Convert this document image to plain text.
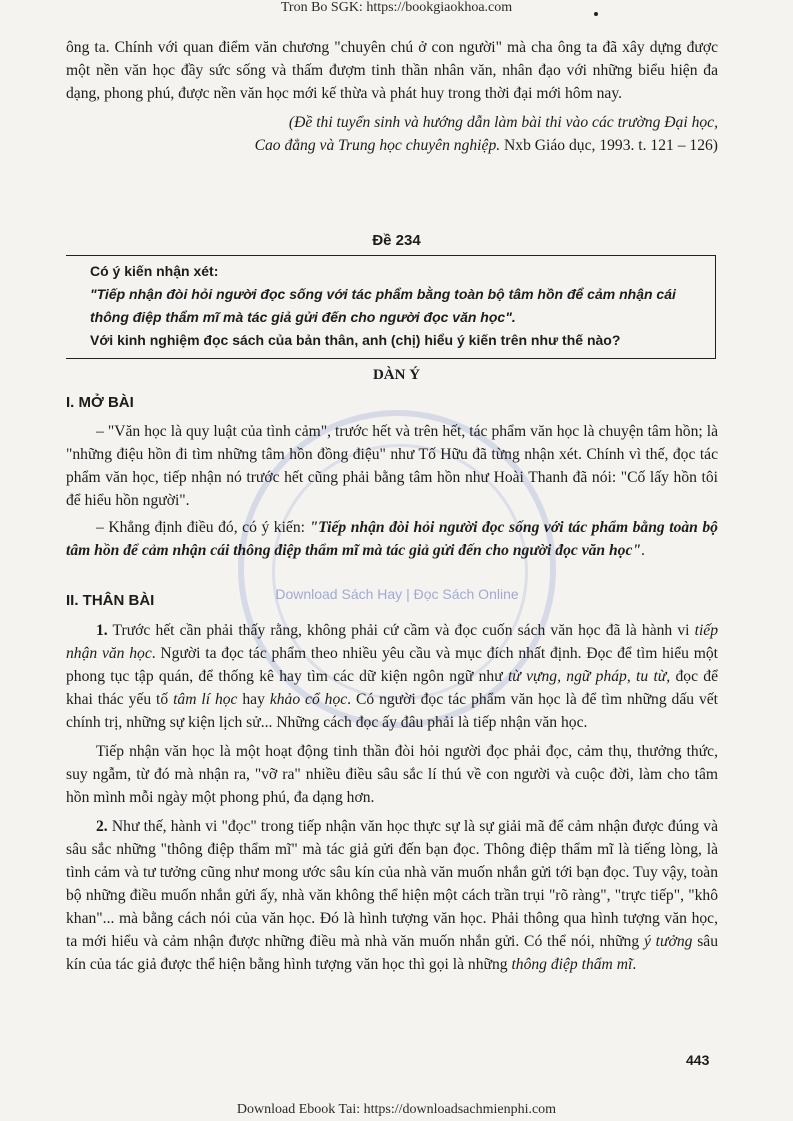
Tron Bo SGK: https://bookgiaokhoa.com

ông ta. Chính với quan điểm văn chương "chuyên chú ở con người" mà cha ông ta đã xây dựng được một nền văn học đầy sức sống và thấm đượm tinh thần nhân văn, nhân đạo với những biểu hiện đa dạng, phong phú, được nền văn học mới kế thừa và phát huy trong thời đại mới hôm nay.

(Đề thi tuyển sinh và hướng dẫn làm bài thi vào các trường Đại học,

Cao đẳng và Trung học chuyên nghiệp. Nxb Giáo dục, 1993. t. 121 – 126)

Đề 234

Có ý kiến nhận xét:

"Tiếp nhận đòi hỏi người đọc sống với tác phẩm bằng toàn bộ tâm hồn để cảm nhận cái thông điệp thẩm mĩ mà tác giả gửi đến cho người đọc văn học".

Với kinh nghiệm đọc sách của bản thân, anh (chị) hiểu ý kiến trên như thế nào?

DÀN Ý
Download Sách Hay | Đọc Sách Online
I. MỞ BÀI

– "Văn học là quy luật của tình cảm", trước hết và trên hết, tác phẩm văn học là chuyện tâm hồn; là "những điệu hồn đi tìm những tâm hồn đồng điệu" như Tố Hữu đã từng nhận xét. Chính vì thế, đọc tác phẩm văn học, tiếp nhận nó trước hết cũng phải bằng tâm hồn như Hoài Thanh đã nói: "Cố lấy hồn tôi để hiểu hồn người".

– Khẳng định điều đó, có ý kiến: "Tiếp nhận đòi hỏi người đọc sống với tác phẩm bằng toàn bộ tâm hồn để cảm nhận cái thông điệp thẩm mĩ mà tác giả gửi đến cho người đọc văn học".

II. THÂN BÀI

1. Trước hết cần phải thấy rằng, không phải cứ cầm và đọc cuốn sách văn học đã là hành vi tiếp nhận văn học. Người ta đọc tác phẩm theo nhiều yêu cầu và mục đích nhất định. Đọc để tìm hiểu một phong tục tập quán, để thống kê hay tìm các dữ kiện ngôn ngữ như từ vựng, ngữ pháp, tu từ, đọc để khai thác yếu tố tâm lí học hay khảo cổ học. Có người đọc tác phẩm văn học là để tìm những dấu vết chính trị, những sự kiện lịch sử... Những cách đọc ấy đâu phải là tiếp nhận văn học.

Tiếp nhận văn học là một hoạt động tinh thần đòi hỏi người đọc phải đọc, cảm thụ, thưởng thức, suy ngẫm, từ đó mà nhận ra, "vỡ ra" nhiều điều sâu sắc lí thú về con người và cuộc đời, làm cho tâm hồn mình mỗi ngày một phong phú, đa dạng hơn.

2. Như thế, hành vi "đọc" trong tiếp nhận văn học thực sự là sự giải mã để cảm nhận được đúng và sâu sắc những "thông điệp thẩm mĩ" mà tác giả gửi đến bạn đọc. Thông điệp thẩm mĩ là tiếng lòng, là tình cảm và tư tưởng cũng như mong ước sâu kín của nhà văn muốn nhắn gửi tới bạn đọc. Tuy vậy, toàn bộ những điều muốn nhắn gửi ấy, nhà văn không thể hiện một cách trần trụi "rõ ràng", "trực tiếp", "khô khan"... mà bằng cách nói của văn học. Đó là hình tượng văn học. Phải thông qua hình tượng văn học, ta mới hiểu và cảm nhận được những điều mà nhà văn muốn nhắn gửi. Có thể nói, những ý tưởng sâu kín của tác giả được thể hiện bằng hình tượng văn học thì gọi là những thông điệp thẩm mĩ.

443
Download Ebook Tai: https://downloadsachmienphi.com
